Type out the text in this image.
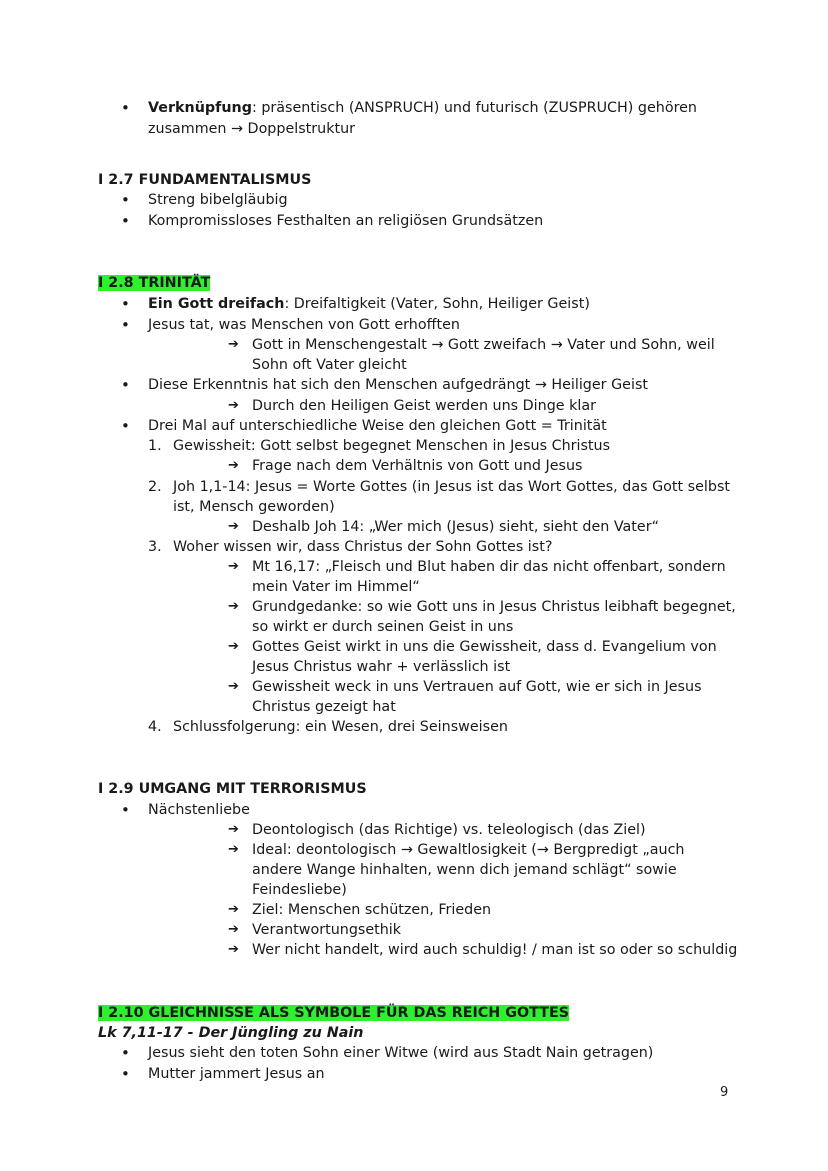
• Verknüpfung: präsentisch (ANSPRUCH) und futurisch (ZUSPRUCH) gehören
zusammen → Doppelstruktur
I 2.7 FUNDAMENTALISMUS
• Streng bibelgläubig
• Kompromissloses Festhalten an religiösen Grundsätzen
I 2.8 TRINITÄT
• Ein Gott dreifach: Dreifaltigkeit (Vater, Sohn, Heiliger Geist)
• Jesus tat, was Menschen von Gott erhofften
➔ Gott in Menschengestalt → Gott zweifach → Vater und Sohn, weil
Sohn oft Vater gleicht
• Diese Erkenntnis hat sich den Menschen aufgedrängt → Heiliger Geist
➔ Durch den Heiligen Geist werden uns Dinge klar
• Drei Mal auf unterschiedliche Weise den gleichen Gott = Trinität
1. Gewissheit: Gott selbst begegnet Menschen in Jesus Christus
➔ Frage nach dem Verhältnis von Gott und Jesus
2. Joh 1,1-14: Jesus = Worte Gottes (in Jesus ist das Wort Gottes, das Gott selbst
ist, Mensch geworden)
➔ Deshalb Joh 14: „Wer mich (Jesus) sieht, sieht den Vater“
3. Woher wissen wir, dass Christus der Sohn Gottes ist?
➔ Mt 16,17: „Fleisch und Blut haben dir das nicht offenbart, sondern
mein Vater im Himmel“
➔ Grundgedanke: so wie Gott uns in Jesus Christus leibhaft begegnet,
so wirkt er durch seinen Geist in uns
➔ Gottes Geist wirkt in uns die Gewissheit, dass d. Evangelium von
Jesus Christus wahr + verlässlich ist
➔ Gewissheit weck in uns Vertrauen auf Gott, wie er sich in Jesus
Christus gezeigt hat
4. Schlussfolgerung: ein Wesen, drei Seinsweisen
I 2.9 UMGANG MIT TERRORISMUS
• Nächstenliebe
➔ Deontologisch (das Richtige) vs. teleologisch (das Ziel)
➔ Ideal: deontologisch → Gewaltlosigkeit (→ Bergpredigt „auch
andere Wange hinhalten, wenn dich jemand schlägt“ sowie
Feindesliebe)
➔ Ziel: Menschen schützen, Frieden
➔ Verantwortungsethik
➔ Wer nicht handelt, wird auch schuldig! / man ist so oder so schuldig
I 2.10 GLEICHNISSE ALS SYMBOLE FÜR DAS REICH GOTTES
Lk 7,11-17 - Der Jüngling zu Nain
• Jesus sieht den toten Sohn einer Witwe (wird aus Stadt Nain getragen)
• Mutter jammert Jesus an
9
